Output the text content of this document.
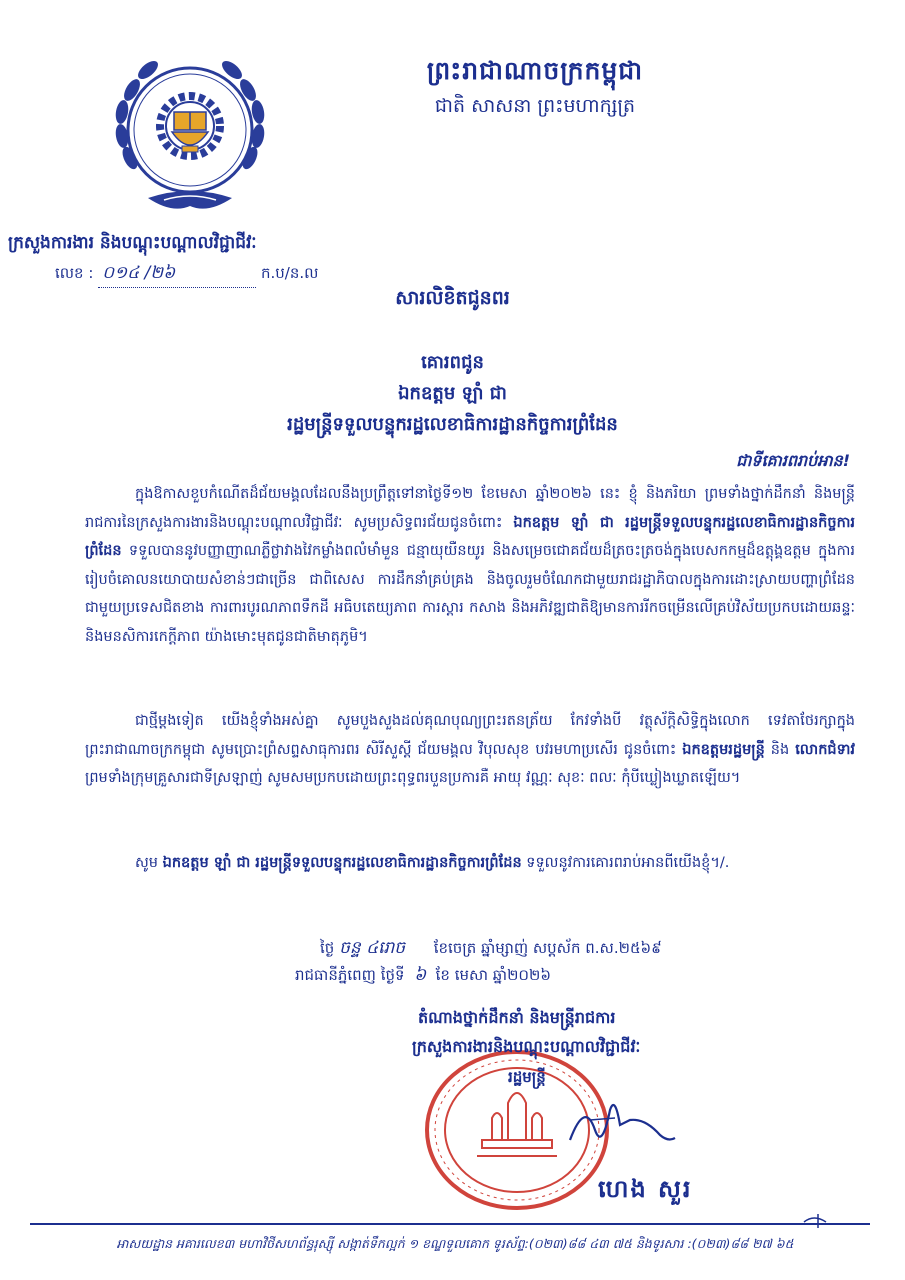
ព្រះរាជាណាចក្រកម្ពុជា
ជាតិ សាសនា ព្រះមហាក្សត្រ
ក្រសួងការងារ និងបណ្តុះបណ្តាលវិជ្ជាជីវៈ
លេខ : ០១៤ /២៦	ក.ប/ន.ល
សារលិខិតជូនពរ
គោរពជូន
ឯកឧត្តម ឡាំ ជា
រដ្ឋមន្ត្រីទទួលបន្ទុករដ្ឋលេខាធិការដ្ឋានកិច្ចការព្រំដែន
ជាទីគោរពរាប់អាន!
ក្នុងឱកាសខួបកំណើតដ៏ជ័យមង្គលដែលនឹងប្រព្រឹត្តទៅនាថ្ងៃទី១២ ខែមេសា ឆ្នាំ២០២៦ នេះ ខ្ញុំ និងភរិយា ព្រមទាំងថ្នាក់ដឹកនាំ និងមន្ត្រីរាជការនៃក្រសួងការងារនិងបណ្តុះបណ្តាលវិជ្ជាជីវៈ សូមប្រសិទ្ធពរជ័យជូនចំពោះ ឯកឧត្តម ឡាំ ជា រដ្ឋមន្ត្រីទទួលបន្ទុករដ្ឋលេខាធិការដ្ឋានកិច្ចការព្រំដែន ទទួលបាននូវបញ្ញាញាណភ្លឺថ្លាវាងវៃកម្លាំងពលំមាំមួន ជន្មាយុយឺនយូរ និងសម្រេចជោគជ័យដ៏ត្រចះត្រចង់ក្នុងបេសកកម្មដ៏ឧត្តុង្គឧត្តម ក្នុងការរៀបចំគោលនយោបាយសំខាន់ៗជាច្រើន ជាពិសេស ការដឹកនាំគ្រប់គ្រង និងចូលរួមចំណែកជាមួយរាជរដ្ឋាភិបាលក្នុងការដោះស្រាយបញ្ហាព្រំដែនជាមួយប្រទេសជិតខាង ការពារបូរណភាពទឹកដី អធិបតេយ្យភាព ការស្តារ កសាង និងអភិវឌ្ឍជាតិឱ្យមានការរីកចម្រើនលើគ្រប់វិស័យប្រកបដោយឆន្ទៈ និងមនសិការកេក្តីភាព យ៉ាងមោះមុតជូនជាតិមាតុភូមិ។
ជាថ្មីម្តងទៀត យើងខ្ញុំទាំងអស់គ្នា សូមបួងសួងដល់គុណបុណ្យព្រះរតនត្រ័យ កែវទាំងបី វត្ថុស័ក្តិសិទ្ធិក្នុងលោក ទេវតាថែរក្សាក្នុងព្រះរាជាណាចក្រកម្ពុជា សូមប្រោះព្រំសព្ទសាធុការពរ សិរីសួស្តី ជ័យមង្គល វិបុលសុខ បវរមហាប្រសើរ ជូនចំពោះ ឯកឧត្តមរដ្ឋមន្ត្រី និង លោកជំទាវ ព្រមទាំងក្រុមគ្រួសារជាទីស្រឡាញ់ សូមសមប្រកបដោយព្រះពុទ្ធពរបួនប្រការគឺ អាយុ វណ្ណៈ សុខៈ ពលៈ កុំបីឃ្លៀងឃ្លាតឡើយ។
សូម ឯកឧត្តម ឡាំ ជា រដ្ឋមន្ត្រីទទួលបន្ទុករដ្ឋលេខាធិការដ្ឋានកិច្ចការព្រំដែន ទទួលនូវការគោរពរាប់អានពីយើងខ្ញុំ។/.
ថ្ងៃ ចន្ទ ៤រោច ខែចេត្រ ឆ្នាំម្សាញ់ សប្តស័ក ព.ស.២៥៦៩
រាជធានីភ្នំពេញ ថ្ងៃទី ៦ ខែ មេសា ឆ្នាំ២០២៦
តំណាងថ្នាក់ដឹកនាំ និងមន្ត្រីរាជការ
ក្រសួងការងារនិងបណ្តុះបណ្តាលវិជ្ជាជីវៈ
រដ្ឋមន្ត្រី
ហេង សួរ
អាសយដ្ឋាន អគារលេខ៣ មហាវិថីសហព័ន្ធរុស្ស៊ី សង្កាត់ទឹកល្អក់ ១ ខណ្ឌទួលគោក ទូរស័ព្ទ:(០២៣)៨៨ ៤៣ ៧៥ និងទូរសារ :(០២៣)៨៨ ២៧ ៦៥
